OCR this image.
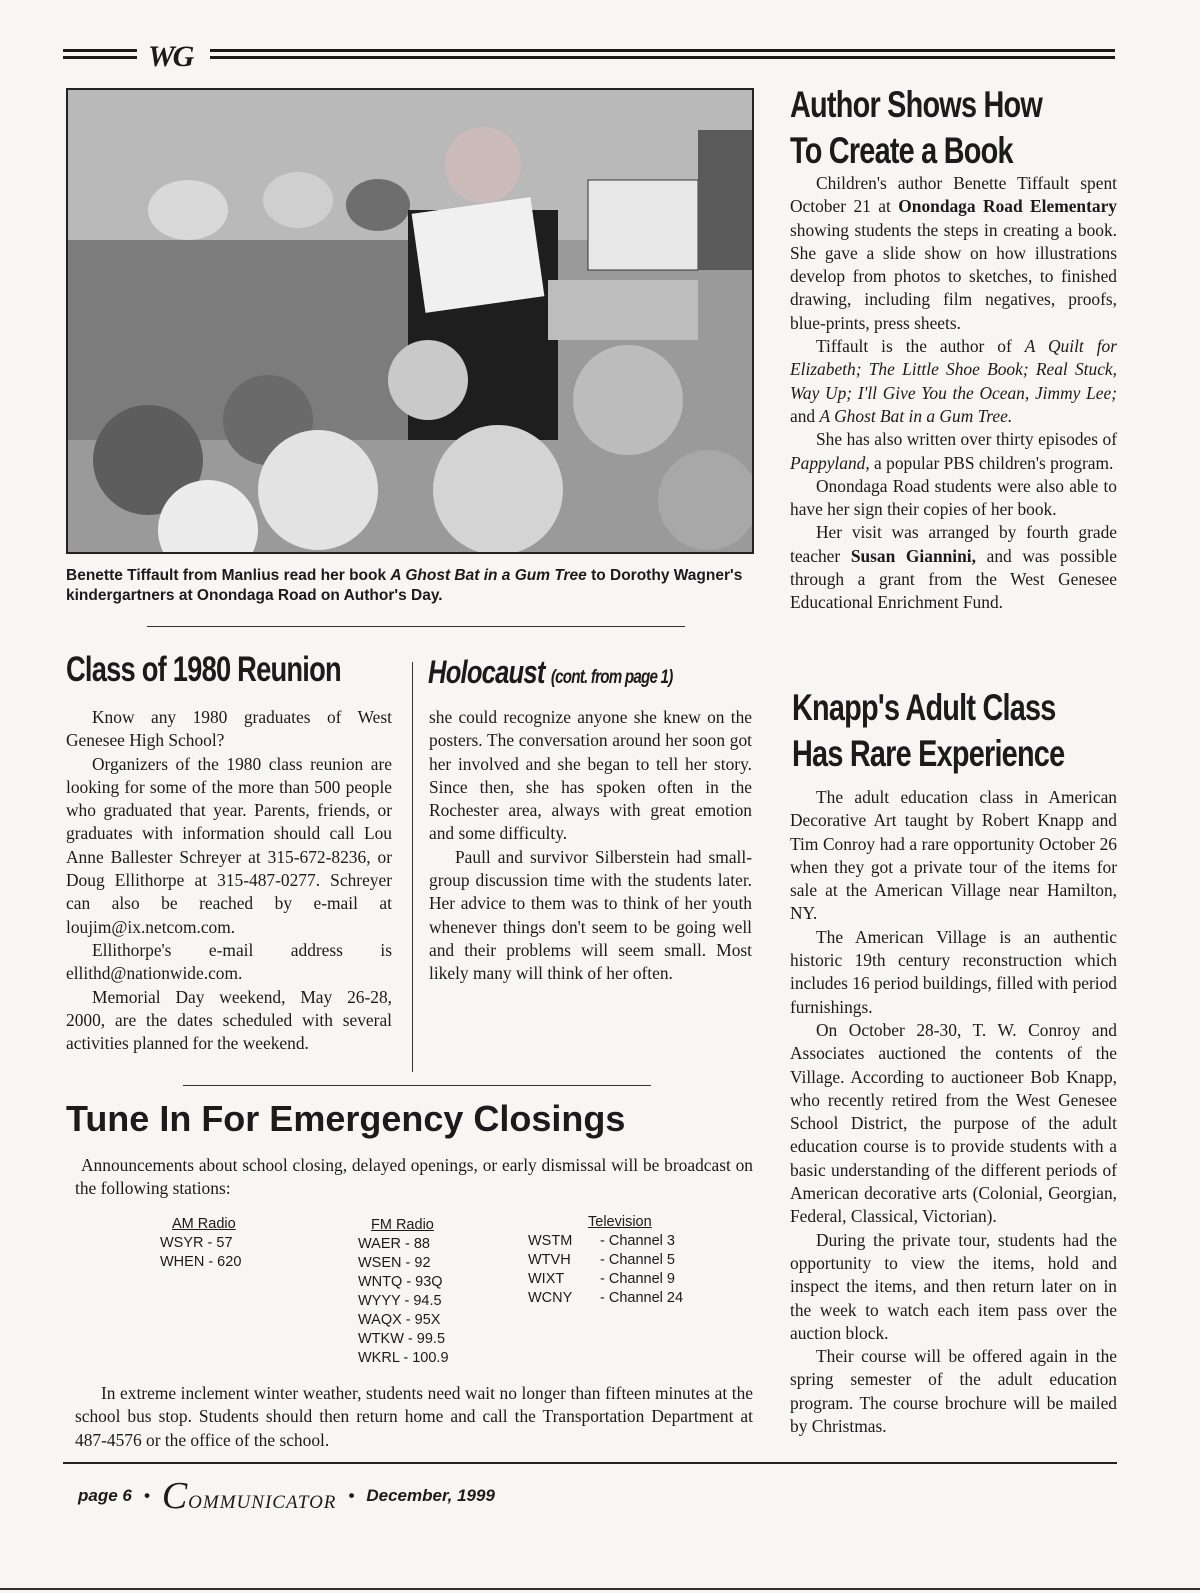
WG
Benette Tiffault from Manlius read her book A Ghost Bat in a Gum Tree to Dorothy Wagner's kindergartners at Onondaga Road on Author's Day.
Author Shows How
To Create a Book

Children's author Benette Tiffault spent October 21 at Onondaga Road Elementary showing students the steps in creating a book. She gave a slide show on how illustrations develop from photos to sketches, to finished drawing, including film negatives, proofs, blue-prints, press sheets.

Tiffault is the author of A Quilt for Elizabeth; The Little Shoe Book; Real Stuck, Way Up; I'll Give You the Ocean, Jimmy Lee; and A Ghost Bat in a Gum Tree.

She has also written over thirty episodes of Pappyland, a popular PBS children's program.

Onondaga Road students were also able to have her sign their copies of her book.

Her visit was arranged by fourth grade teacher Susan Giannini, and was possible through a grant from the West Genesee Educational Enrichment Fund.

Knapp's Adult Class
Has Rare Experience

The adult education class in American Decorative Art taught by Robert Knapp and Tim Conroy had a rare opportunity October 26 when they got a private tour of the items for sale at the American Village near Hamilton, NY.

The American Village is an authentic historic 19th century reconstruction which includes 16 period buildings, filled with period furnishings.

On October 28-30, T. W. Conroy and Associates auctioned the contents of the Village. According to auctioneer Bob Knapp, who recently retired from the West Genesee School District, the purpose of the adult education course is to provide students with a basic understanding of the different periods of American decorative arts (Colonial, Georgian, Federal, Classical, Victorian).

During the private tour, students had the opportunity to view the items, hold and inspect the items, and then return later on in the week to watch each item pass over the auction block.

Their course will be offered again in the spring semester of the adult education program. The course brochure will be mailed by Christmas.

Class of 1980 Reunion

Know any 1980 graduates of West Genesee High School?

Organizers of the 1980 class reunion are looking for some of the more than 500 people who graduated that year. Parents, friends, or graduates with information should call Lou Anne Ballester Schreyer at 315-672-8236, or Doug Ellithorpe at 315-487-0277. Schreyer can also be reached by e-mail at loujim@ix.netcom.com.

Ellithorpe's e-mail address is ellithd@nationwide.com.

Memorial Day weekend, May 26-28, 2000, are the dates scheduled with several activities planned for the weekend.

Holocaust (cont. from page 1)

she could recognize anyone she knew on the posters. The conversation around her soon got her involved and she began to tell her story. Since then, she has spoken often in the Rochester area, always with great emotion and some difficulty.

Paull and survivor Silberstein had small-group discussion time with the students later. Her advice to them was to think of her youth whenever things don't seem to be going well and their problems will seem small. Most likely many will think of her often.

Tune In For Emergency Closings

Announcements about school closing, delayed openings, or early dismissal will be broadcast on the following stations:

AM Radio
WSYR - 57
WHEN - 620
FM Radio
WAER - 88
WSEN - 92
WNTQ - 93Q
WYYY - 94.5
WAQX - 95X
WTKW - 99.5
WKRL - 100.9
Television
WSTM	- Channel 3
WTVH	- Channel 5
WIXT	- Channel 9
WCNY	- Channel 24

In extreme inclement winter weather, students need wait no longer than fifteen minutes at the school bus stop. Students should then return home and call the Transportation Department at 487-4576 or the office of the school.

page 6 • COMMUNICATOR • December, 1999
